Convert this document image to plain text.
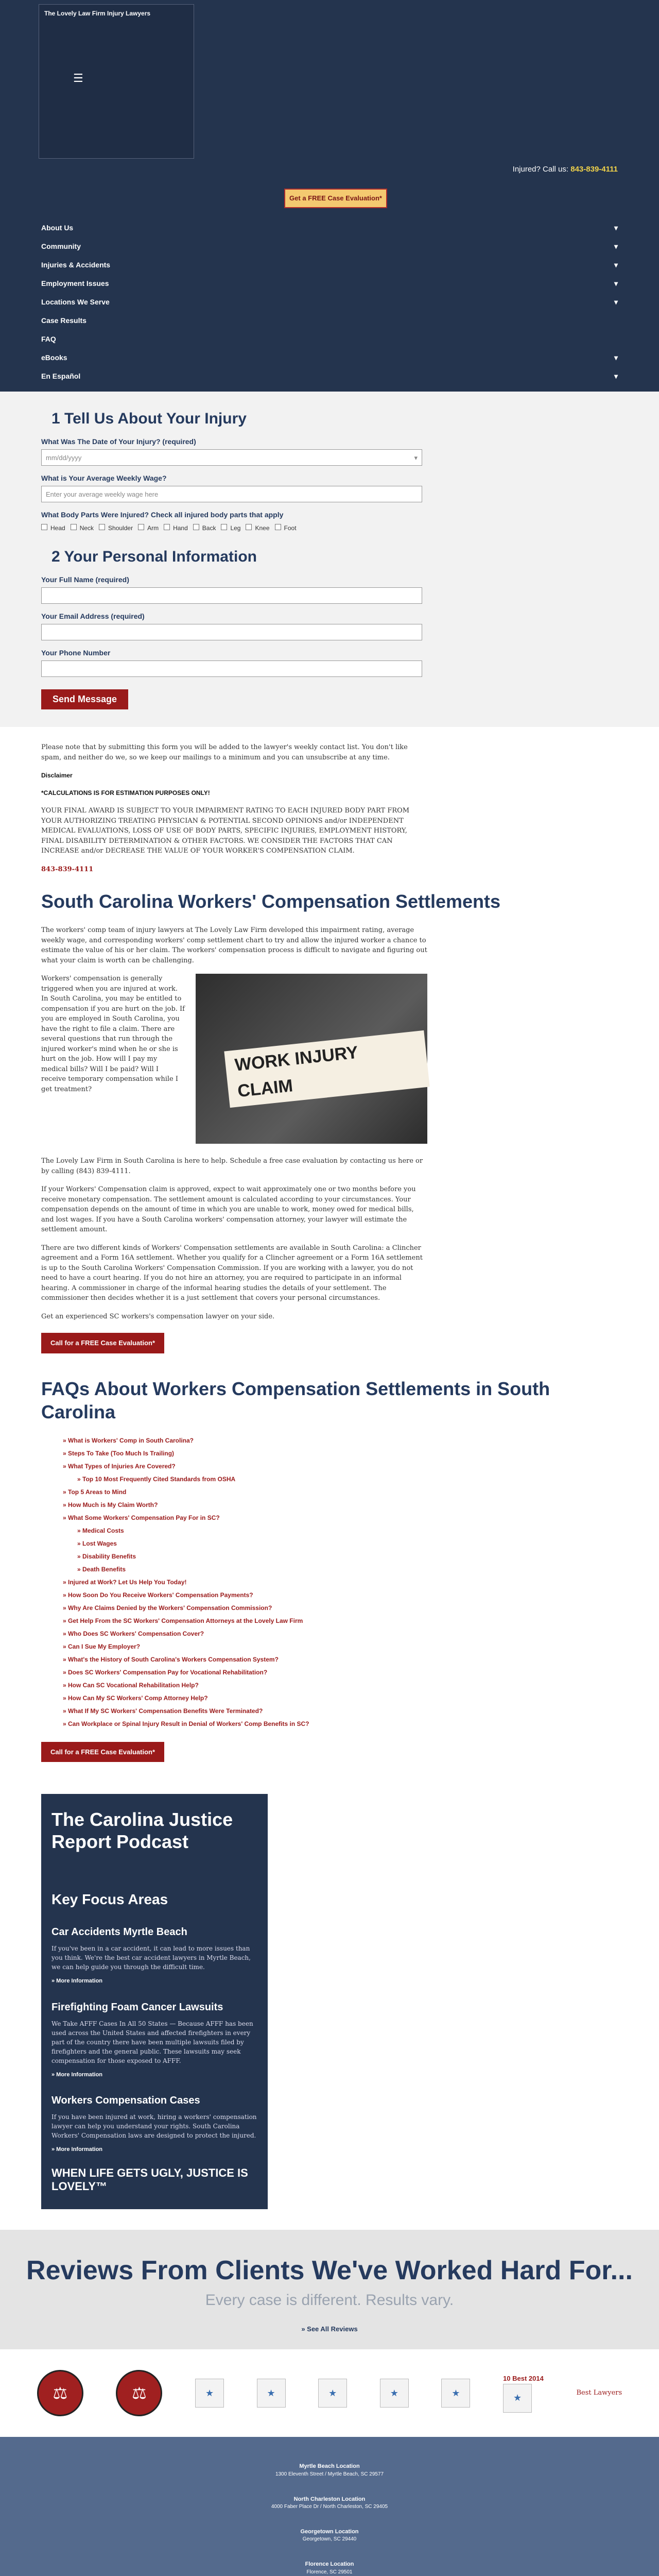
The Lovely Law Firm Injury Lawyers
☰
Injured? Call us: 843-839-4111
Get a FREE Case Evaluation*
About Us	▾
Community	▾
Injuries & Accidents	▾
Employment Issues	▾
Locations We Serve	▾
Case Results
FAQ
eBooks	▾
En Español	▾
1 Tell Us About Your Injury
What Was The Date of Your Injury? (required)
mm/dd/yyyy	▾
What is Your Average Weekly Wage?
Enter your average weekly wage here
What Body Parts Were Injured? Check all injured body parts that apply
Head	Neck	Shoulder	Arm	Hand	Back	Leg	Knee	Foot
2 Your Personal Information
Your Full Name (required)
Your Email Address (required)
Your Phone Number
Send Message

Please note that by submitting this form you will be added to the lawyer's weekly contact list. You don't like spam, and neither do we, so we keep our mailings to a minimum and you can unsubscribe at any time.

Disclaimer

*CALCULATIONS IS FOR ESTIMATION PURPOSES ONLY!

YOUR FINAL AWARD IS SUBJECT TO YOUR IMPAIRMENT RATING TO EACH INJURED BODY PART FROM YOUR AUTHORIZING TREATING PHYSICIAN & POTENTIAL SECOND OPINIONS and/or INDEPENDENT MEDICAL EVALUATIONS, LOSS OF USE OF BODY PARTS, SPECIFIC INJURIES, EMPLOYMENT HISTORY, FINAL DISABILITY DETERMINATION & OTHER FACTORS. WE CONSIDER THE FACTORS THAT CAN INCREASE and/or DECREASE THE VALUE OF YOUR WORKER'S COMPENSATION CLAIM.

843-839-4111

South Carolina Workers' Compensation Settlements

The workers' comp team of injury lawyers at The Lovely Law Firm developed this impairment rating, average weekly wage, and corresponding workers' comp settlement chart to try and allow the injured worker a chance to estimate the value of his or her claim. The workers' compensation process is difficult to navigate and figuring out what your claim is worth can be challenging.

Workers' compensation is generally triggered when you are injured at work. In South Carolina, you may be entitled to compensation if you are hurt on the job. If you are employed in South Carolina, you have the right to file a claim. There are several questions that run through the injured worker's mind when he or she is hurt on the job. How will I pay my medical bills? Will I be paid? Will I receive temporary compensation while I get treatment?

WORK INJURY CLAIM

The Lovely Law Firm in South Carolina is here to help. Schedule a free case evaluation by contacting us here or by calling (843) 839-4111.

If your Workers' Compensation claim is approved, expect to wait approximately one or two months before you receive monetary compensation. The settlement amount is calculated according to your circumstances. Your compensation depends on the amount of time in which you are unable to work, money owed for medical bills, and lost wages. If you have a South Carolina workers' compensation attorney, your lawyer will estimate the settlement amount.

There are two different kinds of Workers' Compensation settlements are available in South Carolina: a Clincher agreement and a Form 16A settlement. Whether you qualify for a Clincher agreement or a Form 16A settlement is up to the South Carolina Workers' Compensation Commission. If you are working with a lawyer, you do not need to have a court hearing. If you do not hire an attorney, you are required to participate in an informal hearing. A commissioner in charge of the informal hearing studies the details of your settlement. The commissioner then decides whether it is a just settlement that covers your personal circumstances.

Get an experienced SC workers's compensation lawyer on your side.

Call for a FREE Case Evaluation*
FAQs About Workers Compensation Settlements in South Carolina
» What is Workers' Comp in South Carolina?
» Steps To Take (Too Much Is Trailing)
» What Types of Injuries Are Covered?
» Top 10 Most Frequently Cited Standards from OSHA
» Top 5 Areas to Mind
» How Much is My Claim Worth?
» What Some Workers' Compensation Pay For in SC?
» Medical Costs
» Lost Wages
» Disability Benefits
» Death Benefits
» Injured at Work? Let Us Help You Today!
» How Soon Do You Receive Workers' Compensation Payments?
» Why Are Claims Denied by the Workers' Compensation Commission?
» Get Help From the SC Workers' Compensation Attorneys at the Lovely Law Firm
» Who Does SC Workers' Compensation Cover?
» Can I Sue My Employer?
» What's the History of South Carolina's Workers Compensation System?
» Does SC Workers' Compensation Pay for Vocational Rehabilitation?
» How Can SC Vocational Rehabilitation Help?
» How Can My SC Workers' Comp Attorney Help?
» What If My SC Workers' Compensation Benefits Were Terminated?
» Can Workplace or Spinal Injury Result in Denial of Workers' Comp Benefits in SC?
Call for a FREE Case Evaluation*
The Carolina Justice Report Podcast
Key Focus Areas
Car Accidents Myrtle Beach

If you've been in a car accident, it can lead to more issues than you think. We're the best car accident lawyers in Myrtle Beach, we can help guide you through the difficult time.

» More Information
Firefighting Foam Cancer Lawsuits

We Take AFFF Cases In All 50 States — Because AFFF has been used across the United States and affected firefighters in every part of the country there have been multiple lawsuits filed by firefighters and the general public. These lawsuits may seek compensation for those exposed to AFFF.

» More Information
Workers Compensation Cases

If you have been injured at work, hiring a workers' compensation lawyer can help you understand your rights. South Carolina Workers' Compensation laws are designed to protect the injured.

» More Information
WHEN LIFE GETS UGLY, JUSTICE IS LOVELY™
Reviews From Clients We've Worked Hard For...
Every case is different. Results vary.
» See All Reviews
⚖	⚖	★	★	★	★	★
10 Best 2014
★	Best Lawyers
Myrtle Beach Location
1300 Eleventh Street / Myrtle Beach, SC 29577
North Charleston Location
4000 Faber Place Dr / North Charleston, SC 29405
Georgetown Location
Georgetown, SC 29440
Florence Location
Florence, SC 29501
